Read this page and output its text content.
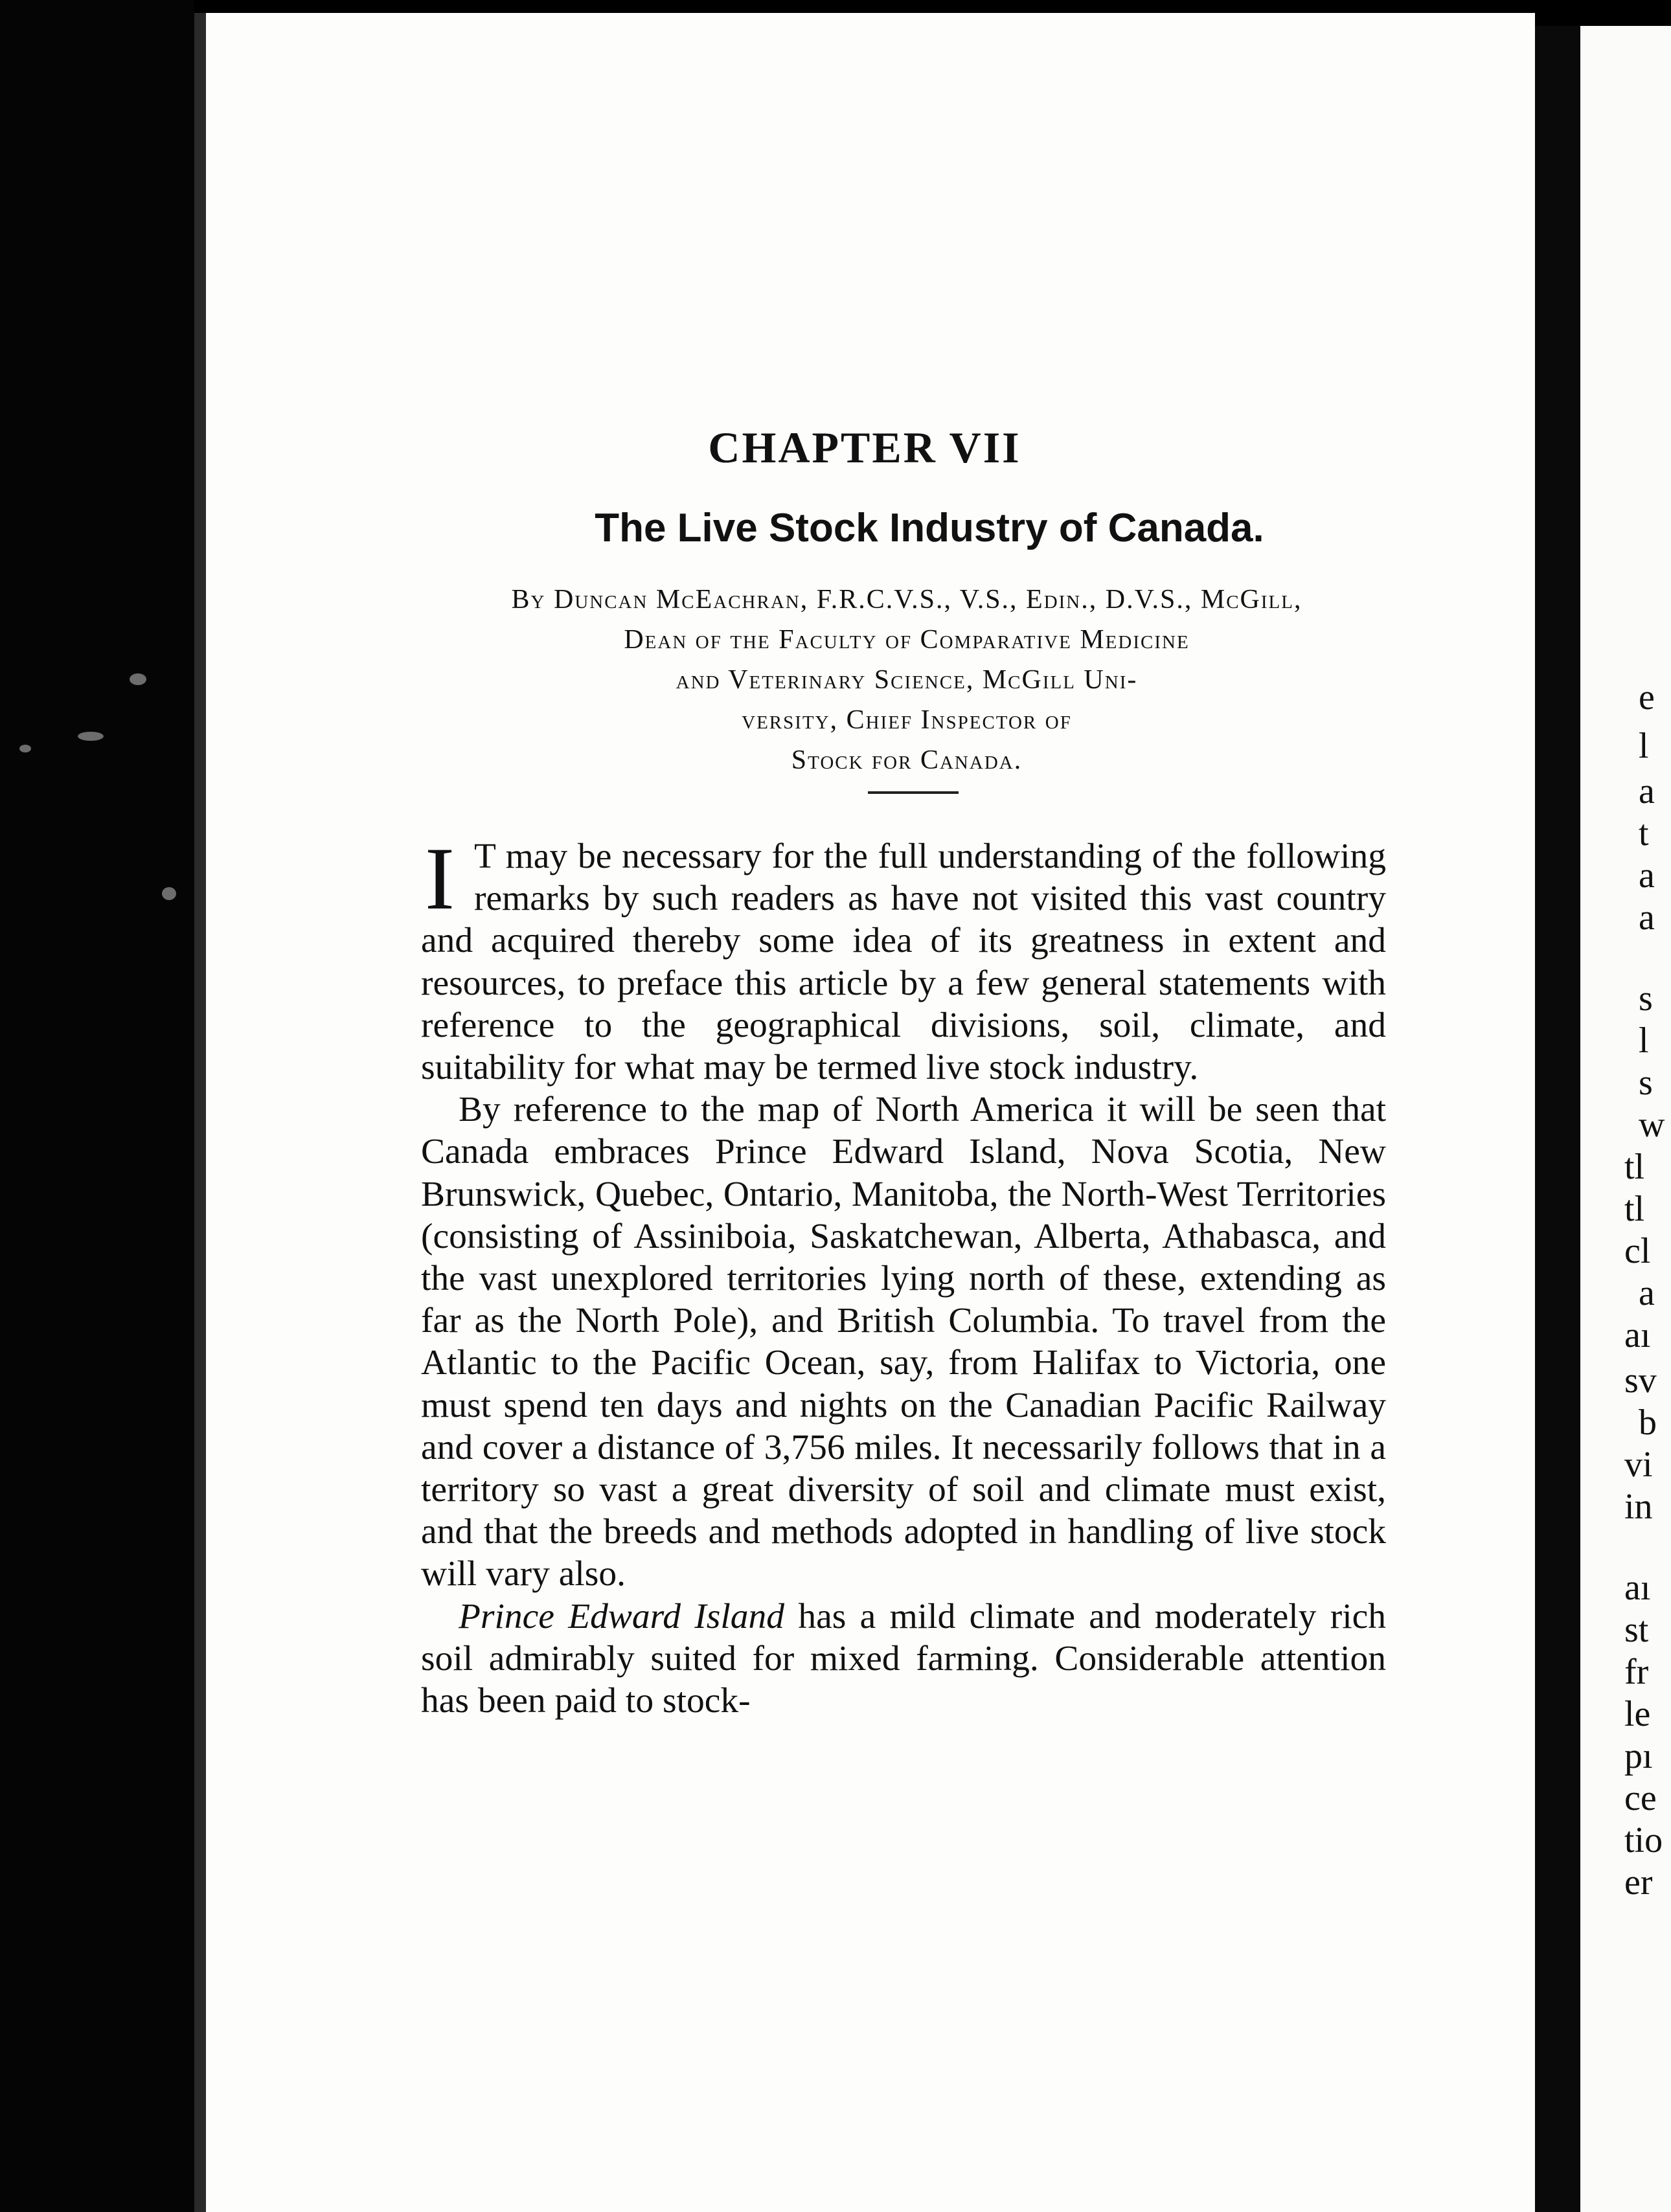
e
l
a
t
a
a
s
l
s
w
tl
tl
cl
a
aı
sv
b
vi
in
aı
st
fr
le
pı
ce
tio
er
CHAPTER VII
The Live Stock Industry of Canada.
By Duncan McEachran, F.R.C.V.S., V.S., Edin., D.V.S., McGill,
Dean of the Faculty of Comparative Medicine
and Veterinary Science, McGill Uni-
versity, Chief Inspector of
Stock for Canada.

I T may be necessary for the full understanding of the following remarks by such readers as have not visited this vast country and acquired thereby some idea of its greatness in extent and resources, to preface this article by a few general statements with reference to the geographical divisions, soil, climate, and suitability for what may be termed live stock industry.

By reference to the map of North America it will be seen that Canada embraces Prince Edward Island, Nova Scotia, New Brunswick, Quebec, Ontario, Manitoba, the North-West Territories (consisting of Assiniboia, Saskatchewan, Alberta, Athabasca, and the vast unexplored territories lying north of these, extending as far as the North Pole), and British Columbia. To travel from the Atlantic to the Pacific Ocean, say, from Halifax to Victoria, one must spend ten days and nights on the Canadian Pacific Railway and cover a distance of 3,756 miles. It necessarily follows that in a territory so vast a great diversity of soil and climate must exist, and that the breeds and methods adopted in handling of live stock will vary also.

Prince Edward Island has a mild climate and moderately rich soil admirably suited for mixed farming. Considerable attention has been paid to stock-
